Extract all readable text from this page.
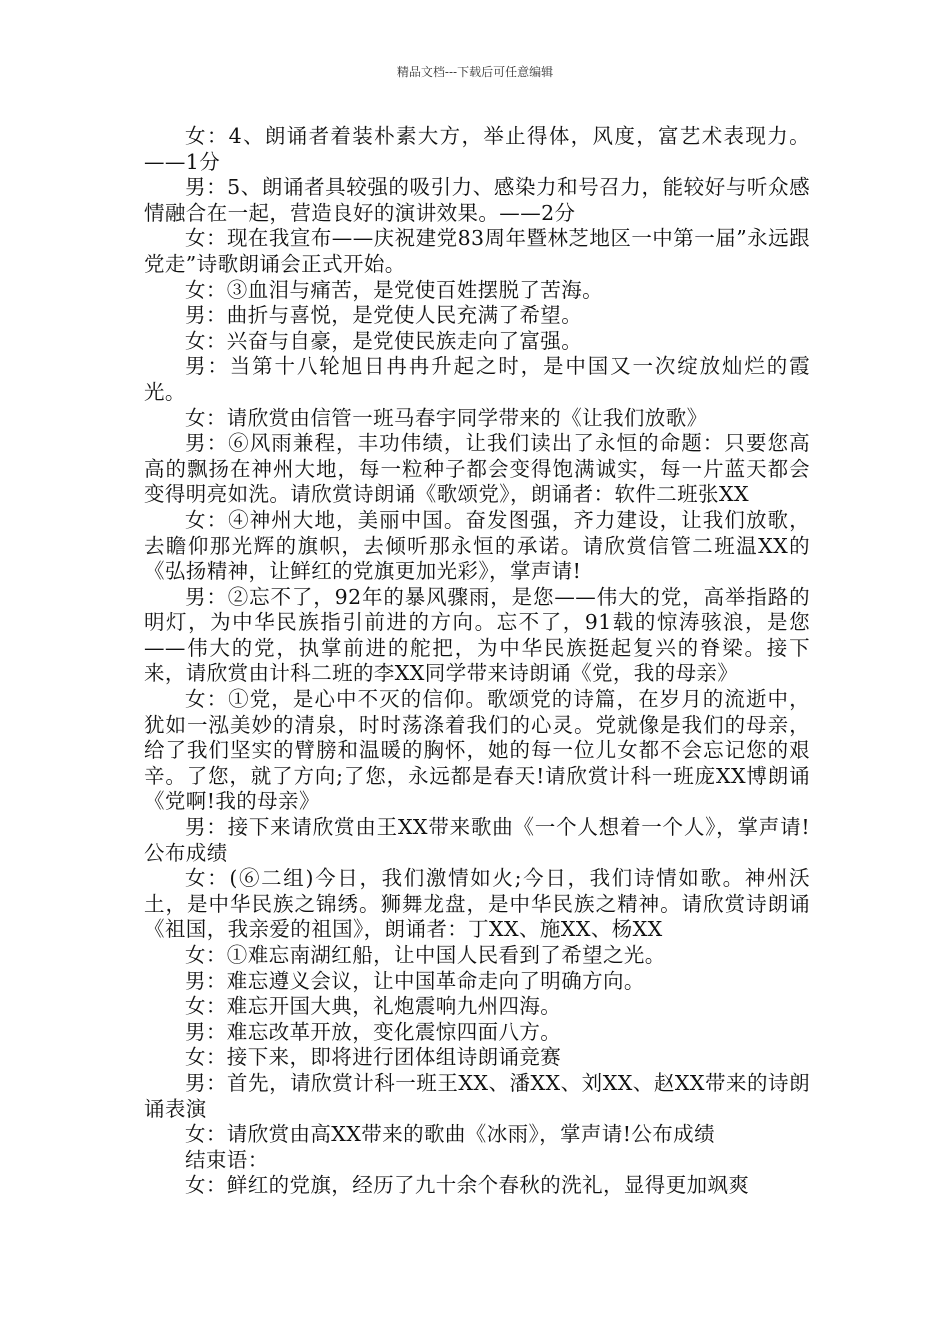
精品文档---下载后可任意编辑

女：4、朗诵者着装朴素大方，举止得体，风度，富艺术表现力。——1分

男：5、朗诵者具较强的吸引力、感染力和号召力，能较好与听众感情融合在一起，营造良好的演讲效果。——2分

女：现在我宣布——庆祝建党83周年暨林芝地区一中第一届”永远跟党走”诗歌朗诵会正式开始。

女：③血泪与痛苦，是党使百姓摆脱了苦海。

男：曲折与喜悦，是党使人民充满了希望。

女：兴奋与自豪，是党使民族走向了富强。

男：当第十八轮旭日冉冉升起之时，是中国又一次绽放灿烂的霞光。

女：请欣赏由信管一班马春宇同学带来的《让我们放歌》

男：⑥风雨兼程，丰功伟绩，让我们读出了永恒的命题：只要您高高的飘扬在神州大地，每一粒种子都会变得饱满诚实，每一片蓝天都会变得明亮如洗。请欣赏诗朗诵《歌颂党》，朗诵者：软件二班张XX

女：④神州大地，美丽中国。奋发图强，齐力建设，让我们放歌，去瞻仰那光辉的旗帜，去倾听那永恒的承诺。请欣赏信管二班温XX的《弘扬精神，让鲜红的党旗更加光彩》，掌声请!

男：②忘不了，92年的暴风骤雨，是您——伟大的党，高举指路的明灯，为中华民族指引前进的方向。忘不了，91载的惊涛骇浪，是您——伟大的党，执掌前进的舵把，为中华民族挺起复兴的脊梁。接下来，请欣赏由计科二班的李XX同学带来诗朗诵《党，我的母亲》

女：①党，是心中不灭的信仰。歌颂党的诗篇，在岁月的流逝中，犹如一泓美妙的清泉，时时荡涤着我们的心灵。党就像是我们的母亲，给了我们坚实的臂膀和温暖的胸怀，她的每一位儿女都不会忘记您的艰辛。了您，就了方向;了您，永远都是春天!请欣赏计科一班庞XX博朗诵《党啊!我的母亲》

男：接下来请欣赏由王XX带来歌曲《一个人想着一个人》，掌声请!公布成绩

女：(⑥二组)今日，我们激情如火;今日，我们诗情如歌。神州沃土，是中华民族之锦绣。狮舞龙盘，是中华民族之精神。请欣赏诗朗诵《祖国，我亲爱的祖国》，朗诵者：丁XX、施XX、杨XX

女：①难忘南湖红船，让中国人民看到了希望之光。

男：难忘遵义会议，让中国革命走向了明确方向。

女：难忘开国大典，礼炮震响九州四海。

男：难忘改革开放，变化震惊四面八方。

女：接下来，即将进行团体组诗朗诵竞赛

男：首先，请欣赏计科一班王XX、潘XX、刘XX、赵XX带来的诗朗诵表演

女：请欣赏由高XX带来的歌曲《冰雨》，掌声请!公布成绩

结束语：

女：鲜红的党旗，经历了九十余个春秋的洗礼，显得更加飒爽
